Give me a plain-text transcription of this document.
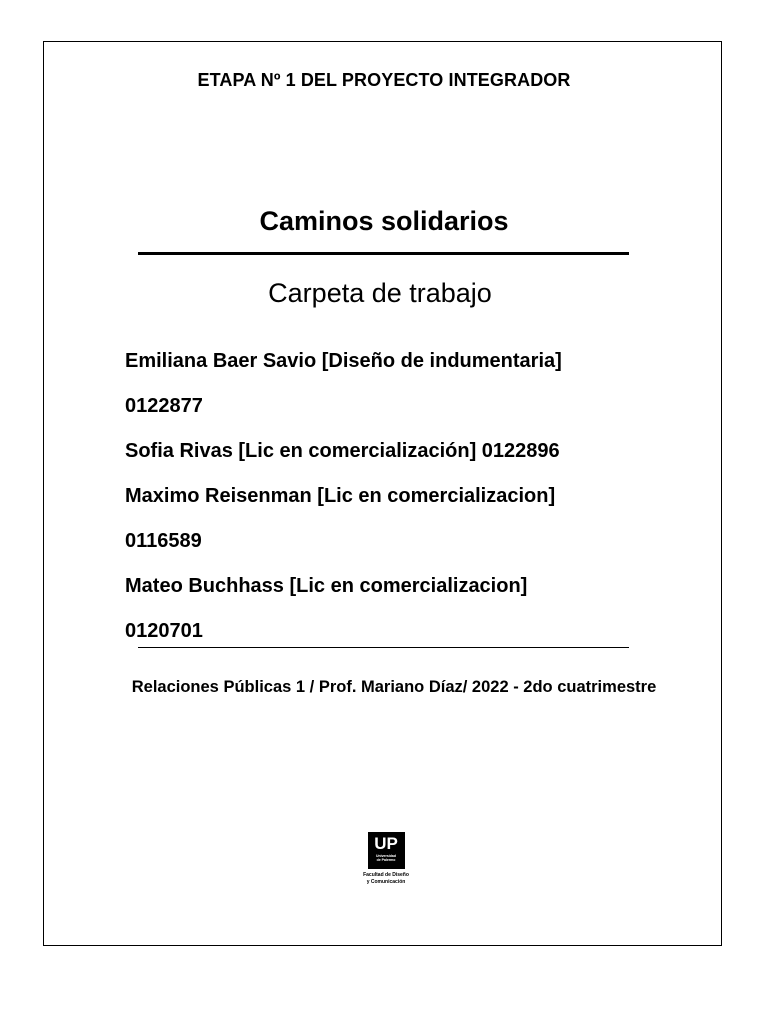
ETAPA Nº 1 DEL PROYECTO INTEGRADOR
Caminos solidarios
Carpeta de trabajo
Emiliana Baer Savio [Diseño de indumentaria]
0122877
Sofia Rivas [Lic en comercialización] 0122896
Maximo Reisenman [Lic en comercializacion]
0116589
Mateo Buchhass [Lic en comercializacion]
0120701
Relaciones Públicas 1 / Prof. Mariano Díaz/ 2022 - 2do cuatrimestre
UP
Universidad
de Palermo
Facultad de Diseño
y Comunicación
